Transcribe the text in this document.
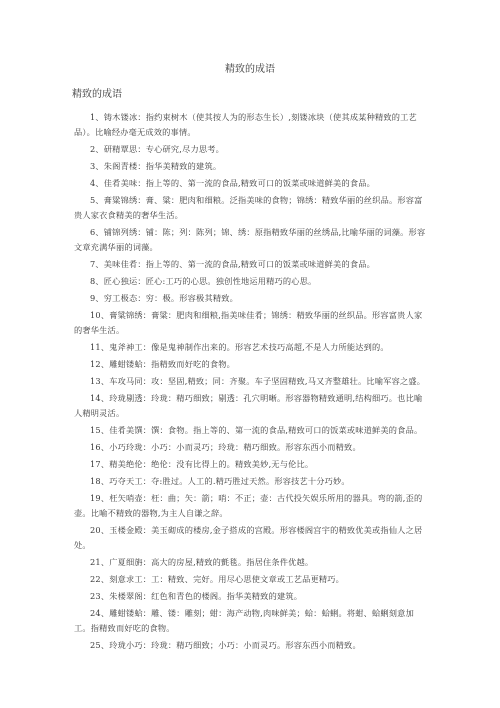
精致的成语
精致的成语

1、铸木镂冰：指约束树木（使其按人为的形态生长）,刻镂冰块（使其成某种精致的工艺品）。比喻经办毫无成效的事情。

2、研精覃思：专心研究,尽力思考。

3、朱阁青楼：指华美精致的建筑。

4、佳肴美味：指上等的、第一流的食品,精致可口的饭菜或味道鲜美的食品。

5、膏粱锦绣：膏、粱：肥肉和细粮。泛指美味的食物；锦绣：精致华丽的丝织品。形容富贵人家衣食精美的奢华生活。

6、铺锦列绣：铺：陈；列：陈列；锦、绣：原指精致华丽的丝绣品,比喻华丽的词藻。形容文章充满华丽的词藻。

7、美味佳肴：指上等的、第一流的食品,精致可口的饭菜或味道鲜美的食品。

8、匠心独运：匠心:工巧的心思。独创性地运用精巧的心思。

9、穷工极态：穷：极。形容极其精致。

10、膏粱锦绣：膏粱：肥肉和细粮,指美味佳肴；锦绣：精致华丽的丝织品。形容富贵人家的奢华生活。

11、鬼斧神工：像是鬼神制作出来的。形容艺术技巧高超,不是人力所能达到的。

12、雕蚶镂蛤：指精致而好吃的食物。

13、车攻马同：攻：坚固,精致；同：齐聚。车子坚固精致,马又齐整雄壮。比喻军容之盛。

14、玲珑剔透：玲珑：精巧细致；剔透：孔穴明晰。形容器物精致通明,结构细巧。也比喻人精明灵活。

15、佳肴美馔：馔：食物。指上等的、第一流的食品,精致可口的饭菜或味道鲜美的食品。

16、小巧玲珑：小巧：小而灵巧；玲珑：精巧细致。形容东西小而精致。

17、精美绝伦：绝伦：没有比得上的。精致美妙,无与伦比。

18、巧夺天工：夺:胜过。人工的.精巧胜过天然。形容技艺十分巧妙。

19、枉矢哨壶：枉：曲；矢：箭；哨：不正；壶：古代投矢娱乐所用的器具。弯的箭,歪的壶。比喻不精致的器物,为主人自谦之辞。

20、玉楼金殿：美玉砌成的楼房,金子搭成的宫殿。形容楼阁宫宇的精致优美或指仙人之居处。

21、广夏细旃：高大的房屋,精致的氈毯。指居住条件优越。

22、刻意求工：工：精致、完好。用尽心思使文章或工艺品更精巧。

23、朱楼翠阁：红色和青色的楼阁。指华美精致的建筑。

24、雕蚶镂蛤：雕、镂：雕刻；蚶：海产动物,肉味鲜美；蛤：蛤蜊。将蚶、蛤蜊刻意加工。指精致而好吃的食物。

25、玲珑小巧：玲珑：精巧细致；小巧：小而灵巧。形容东西小而精致。
